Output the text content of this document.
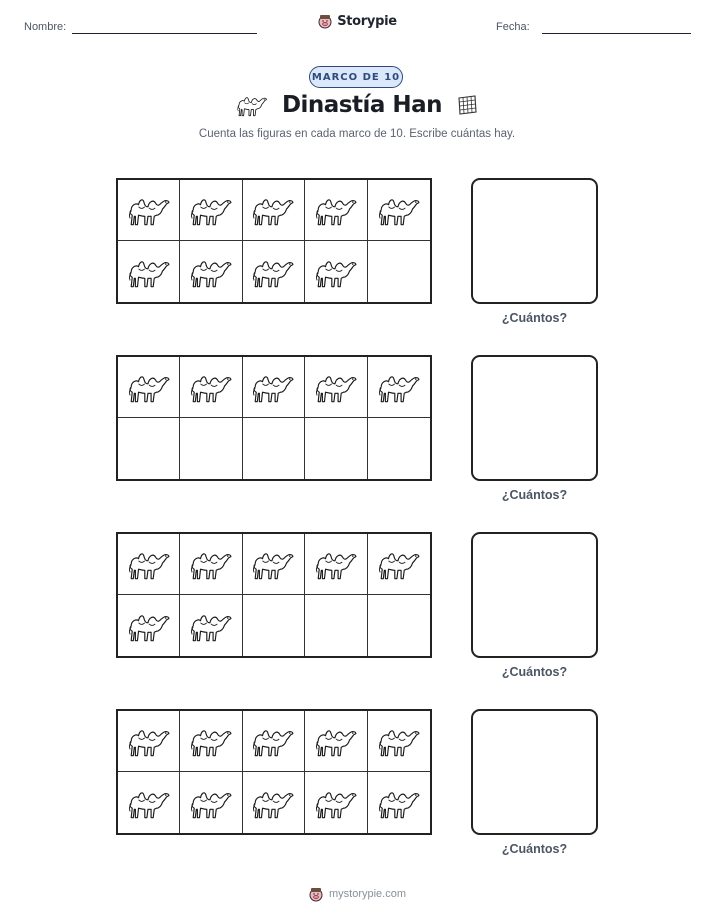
Nombre:	Storypie	Fecha:
MARCO DE 10
Dinastía Han
Cuenta las figuras en cada marco de 10. Escribe cuántas hay.
¿Cuántos?
¿Cuántos?
¿Cuántos?
¿Cuántos?
mystorypie.com
